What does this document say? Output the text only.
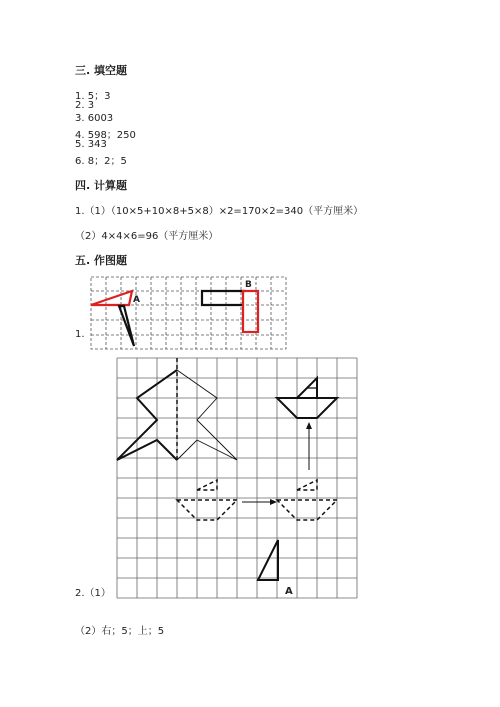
三. 填空题
1. 5；3
2. 3
3. 6003
4. 598；250
5. 343
6. 8；2；5
四. 计算题
1.（1）（10×5+10×8+5×8）×2=170×2=340（平方厘米）
（2）4×4×6=96（平方厘米）
五. 作图题
A
B
1.
A
2.（1）
（2）右；5；上；5
